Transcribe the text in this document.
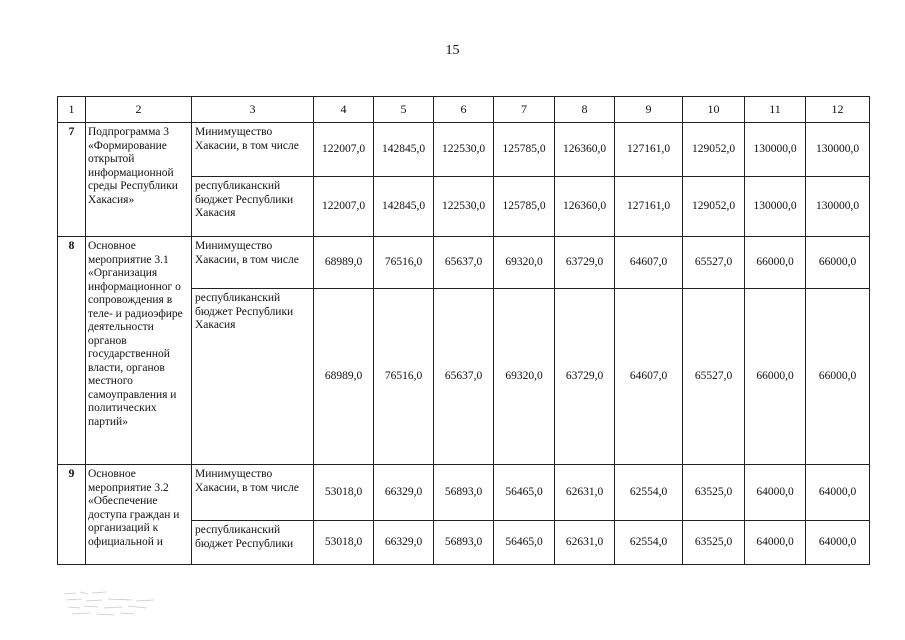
15
1	2	3	4	5	6	7	8	9	10	11	12
7	Подпрограмма 3 «Формирование открытой информационной среды Республики Хакасия»	Минимущество Хакасии, в том числе	122007,0	142845,0	122530,0	125785,0	126360,0	127161,0	129052,0	130000,0	130000,0
		республиканский бюджет Республики Хакасия	122007,0	142845,0	122530,0	125785,0	126360,0	127161,0	129052,0	130000,0	130000,0
8	Основное мероприятие 3.1 «Организация информационног о сопровождения в теле- и радиоэфире деятельности органов государственной власти, органов местного самоуправления и политических партий»	Минимущество Хакасии, в том числе	68989,0	76516,0	65637,0	69320,0	63729,0	64607,0	65527,0	66000,0	66000,0
		республиканский бюджет Республики Хакасия	68989,0	76516,0	65637,0	69320,0	63729,0	64607,0	65527,0	66000,0	66000,0
9	Основное мероприятие 3.2 «Обеспечение доступа граждан и организаций к официальной и	Минимущество Хакасии, в том числе	53018,0	66329,0	56893,0	56465,0	62631,0	62554,0	63525,0	64000,0	64000,0
		республиканский бюджет Республики	53018,0	66329,0	56893,0	56465,0	62631,0	62554,0	63525,0	64000,0	64000,0
